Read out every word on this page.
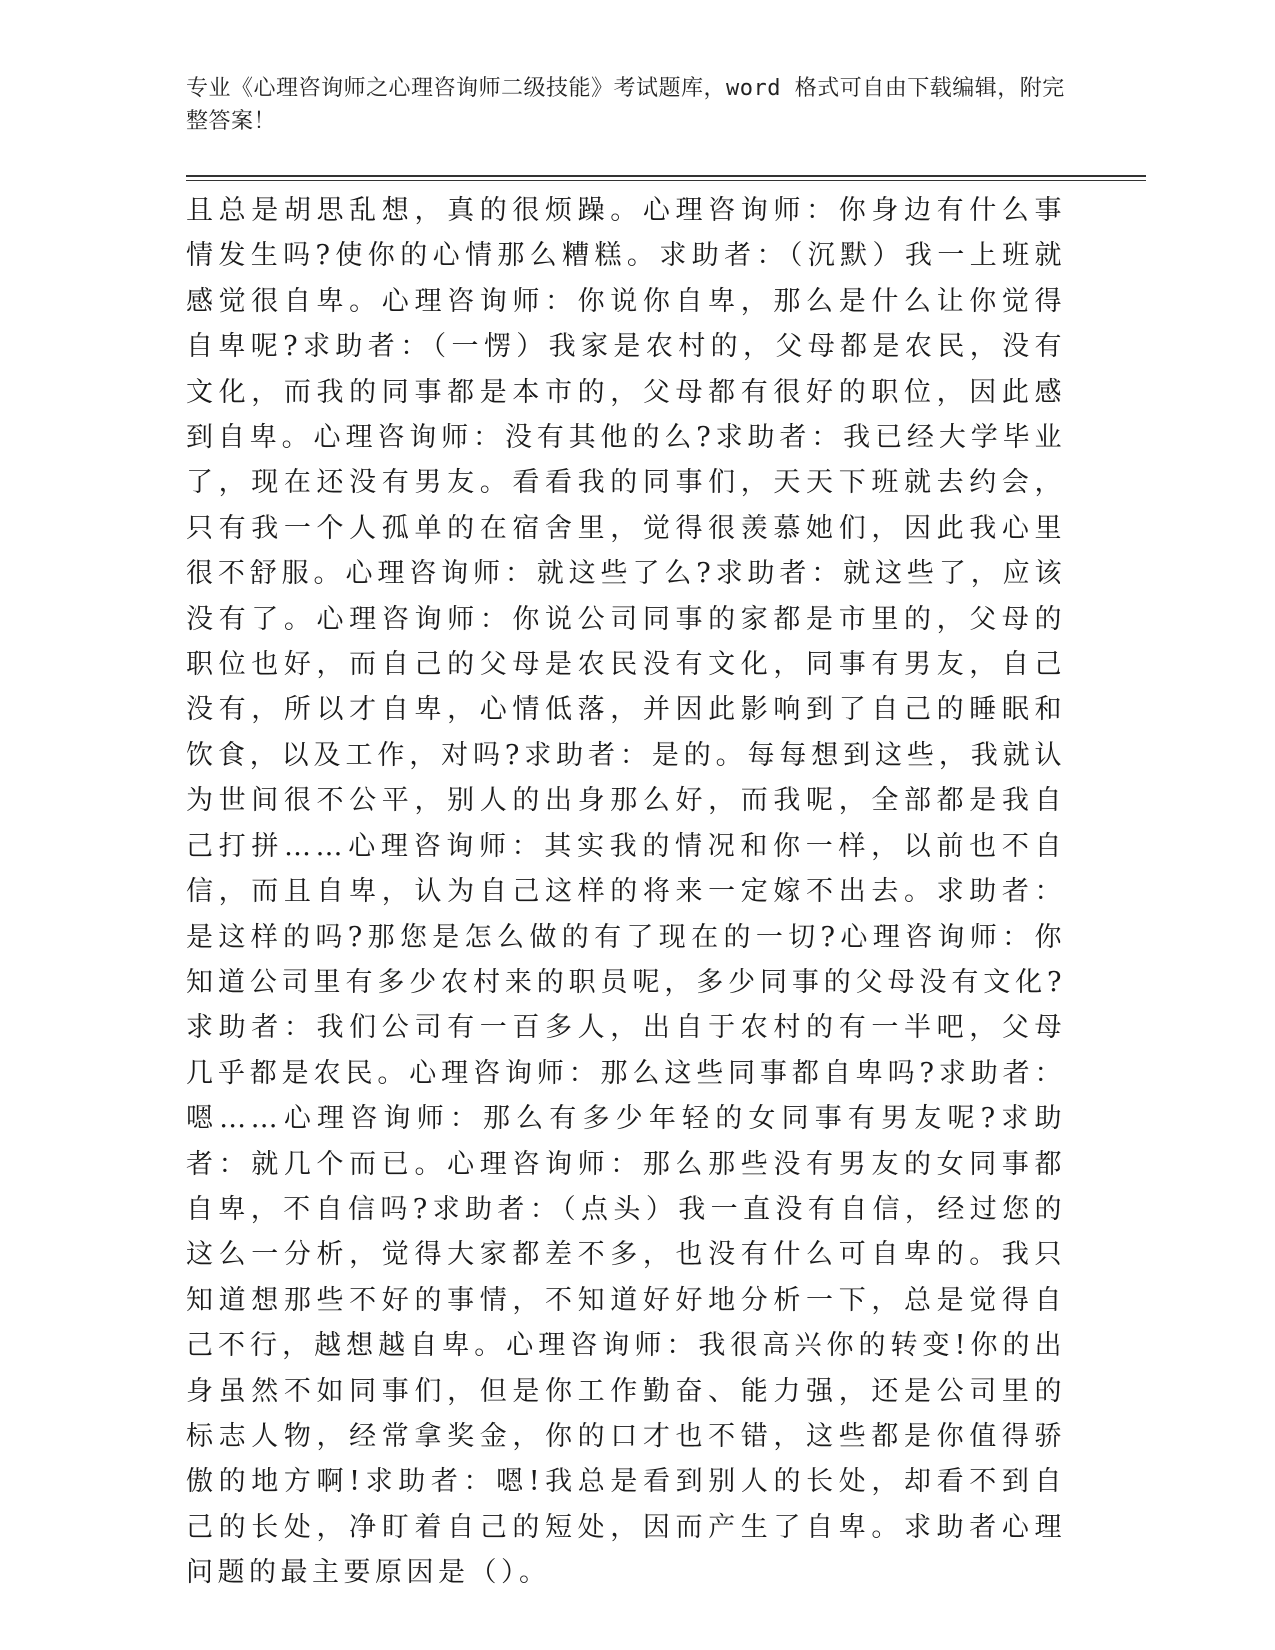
专业《心理咨询师之心理咨询师二级技能》考试题库，word 格式可自由下载编辑，附完整答案！
且总是胡思乱想，真的很烦躁。心理咨询师：你身边有什么事情发生吗?使你的心情那么糟糕。求助者：（沉默）我一上班就感觉很自卑。心理咨询师：你说你自卑，那么是什么让你觉得自卑呢?求助者：（一愣）我家是农村的，父母都是农民，没有文化，而我的同事都是本市的，父母都有很好的职位，因此感到自卑。心理咨询师：没有其他的么?求助者：我已经大学毕业了，现在还没有男友。看看我的同事们，天天下班就去约会，只有我一个人孤单的在宿舍里，觉得很羡慕她们，因此我心里很不舒服。心理咨询师：就这些了么?求助者：就这些了，应该没有了。心理咨询师：你说公司同事的家都是市里的，父母的职位也好，而自己的父母是农民没有文化，同事有男友，自己没有，所以才自卑，心情低落，并因此影响到了自己的睡眠和饮食，以及工作，对吗?求助者：是的。每每想到这些，我就认为世间很不公平，别人的出身那么好，而我呢，全部都是我自己打拼……心理咨询师：其实我的情况和你一样，以前也不自信，而且自卑，认为自己这样的将来一定嫁不出去。求助者：是这样的吗?那您是怎么做的有了现在的一切?心理咨询师：你知道公司里有多少农村来的职员呢，多少同事的父母没有文化?求助者：我们公司有一百多人，出自于农村的有一半吧，父母几乎都是农民。心理咨询师：那么这些同事都自卑吗?求助者：嗯……心理咨询师：那么有多少年轻的女同事有男友呢?求助者：就几个而已。心理咨询师：那么那些没有男友的女同事都自卑，不自信吗?求助者：（点头）我一直没有自信，经过您的这么一分析，觉得大家都差不多，也没有什么可自卑的。我只知道想那些不好的事情，不知道好好地分析一下，总是觉得自己不行，越想越自卑。心理咨询师：我很高兴你的转变!你的出身虽然不如同事们，但是你工作勤奋、能力强，还是公司里的标志人物，经常拿奖金，你的口才也不错，这些都是你值得骄傲的地方啊!求助者：嗯!我总是看到别人的长处，却看不到自己的长处，净盯着自己的短处，因而产生了自卑。求助者心理问题的最主要原因是（）。
